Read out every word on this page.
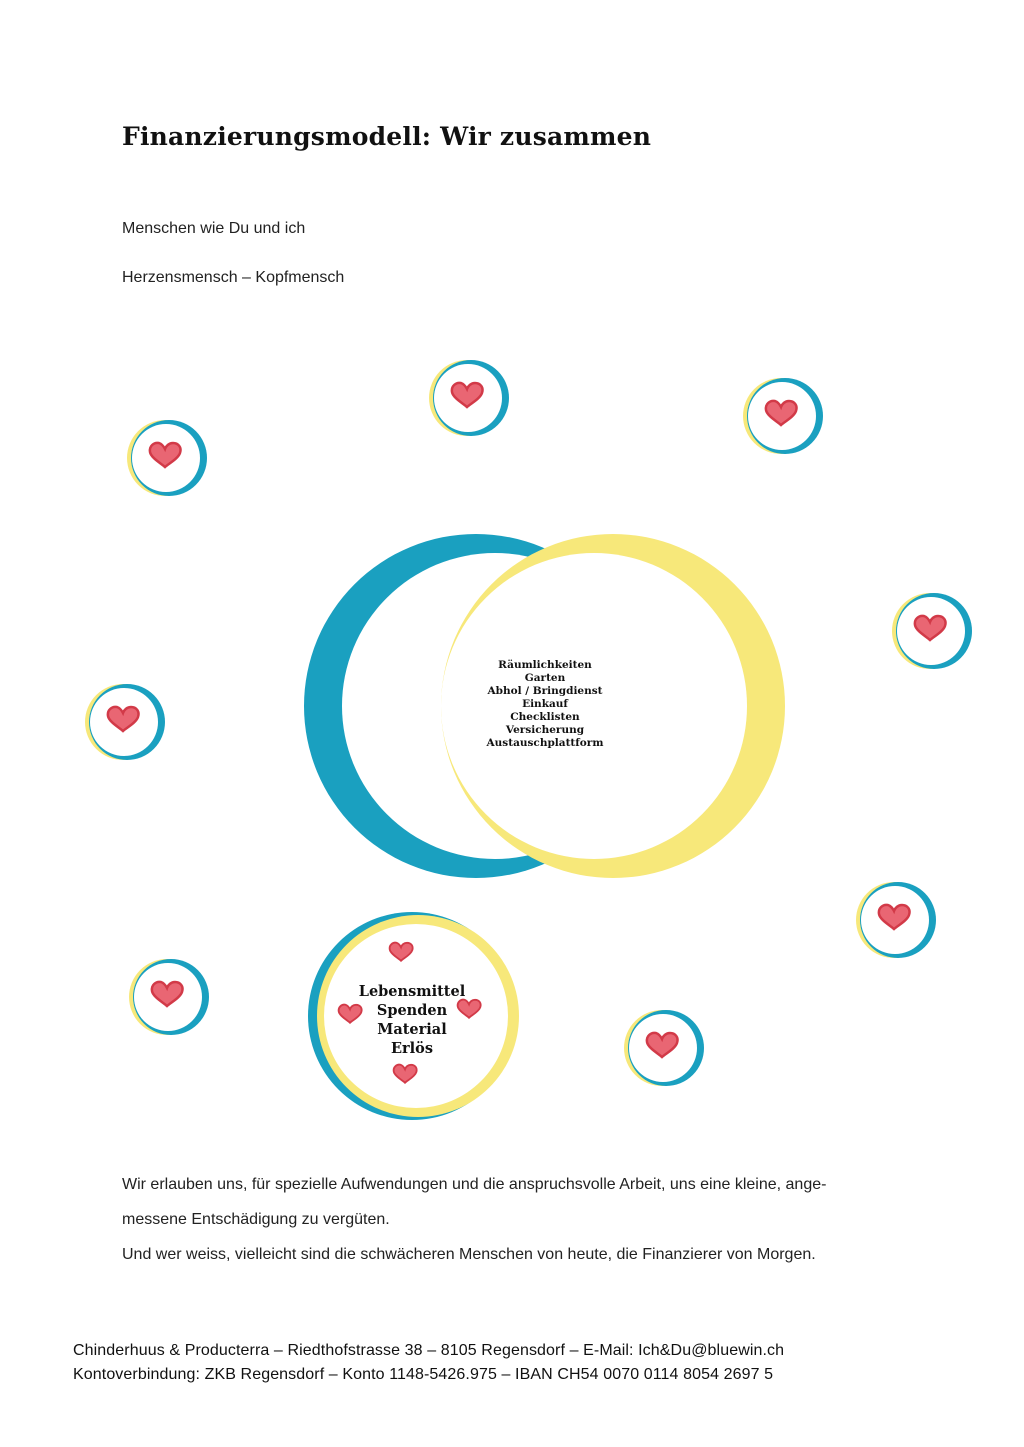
Finanzierungsmodell: Wir zusammen
Menschen wie Du und ich
Herzensmensch – Kopfmensch
Räumlichkeiten
Garten
Abhol / Bringdienst
Einkauf
Checklisten
Versicherung
Austauschplattform
Lebensmittel
Spenden
Material
Erlös
Wir erlauben uns, für spezielle Aufwendungen und die anspruchsvolle Arbeit, uns eine kleine, ange-
messene Entschädigung zu vergüten.
Und wer weiss, vielleicht sind die schwächeren Menschen von heute, die Finanzierer von Morgen.
Chinderhuus & Producterra – Riedthofstrasse 38 – 8105 Regensdorf – E-Mail: Ich&Du@bluewin.ch
Kontoverbindung: ZKB Regensdorf – Konto 1148-5426.975 – IBAN CH54 0070 0114 8054 2697 5
